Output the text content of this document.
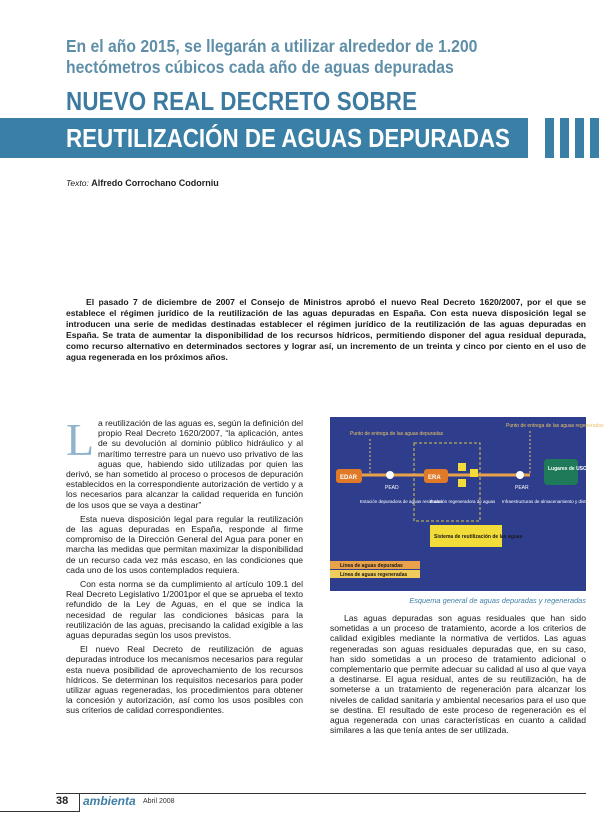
En el año 2015, se llegarán a utilizar alrededor de 1.200 hectómetros cúbicos cada año de aguas depuradas
NUEVO REAL DECRETO SOBRE
REUTILIZACIÓN DE AGUAS DEPURADAS
Texto: Alfredo Corrochano Codorniu
El pasado 7 de diciembre de 2007 el Consejo de Ministros aprobó el nuevo Real Decreto 1620/2007, por el que se establece el régimen jurídico de la reutilización de las aguas depuradas en España. Con esta nueva disposición legal se introducen una serie de medidas destinadas establecer el régimen jurídico de la reutilización de las aguas depuradas en España. Se trata de aumentar la disponibilidad de los recursos hídricos, permitiendo disponer del agua residual depurada, como recurso alternativo en determinados sectores y lograr así, un incremento de un treinta y cinco por ciento en el uso de agua regenerada en los próximos años.

La reutilización de las aguas es, según la definición del propio Real Decreto 1620/2007, “la aplicación, antes de su devolución al dominio público hidráulico y al marítimo terrestre para un nuevo uso privativo de las aguas que, habiendo sido utilizadas por quien las derivó, se han sometido al proceso o procesos de depuración establecidos en la correspondiente autorización de vertido y a los necesarios para alcanzar la calidad requerida en función de los usos que se vaya a destinar”

Esta nueva disposición legal para regular la reutilización de las aguas depuradas en España, responde al firme compromiso de la Dirección General del Agua para poner en marcha las medidas que permitan maximizar la disponibilidad de un recurso cada vez más escaso, en las condiciones que cada uno de los usos contemplados requiera.

Con esta norma se da cumplimiento al artículo 109.1 del Real Decreto Legislativo 1/2001por el que se aprueba el texto refundido de la Ley de Aguas, en el que se indica la necesidad de regular las condiciones básicas para la reutilización de las aguas, precisando la calidad exigible a las aguas depuradas según los usos previstos.

El nuevo Real Decreto de reutilización de aguas depuradas introduce los mecanismos necesarios para regular esta nueva posibilidad de aprovechamiento de los recursos hídricos. Se determinan los requisitos necesarios para poder utilizar aguas regeneradas, los procedimientos para obtener la concesión y autorización, así como los usos posibles con sus criterios de calidad correspondientes.

Punto de entrega de las aguas depuradas
Punto de entrega de las aguas regeneradas
EDAR	ERA
PEAD	PEAR
Lugares de USO
Estación depuradora de aguas residuales
Estación regeneradora de aguas Infraestructuras de almacenamiento y distribución
Sistema de reutilización de las aguas
Línea de aguas depuradas
Línea de aguas regeneradas
Esquema general de aguas depuradas y regeneradas
Las aguas depuradas son aguas residuales que han sido sometidas a un proceso de tratamiento, acorde a los criterios de calidad exigibles mediante la normativa de vertidos. Las aguas regeneradas son aguas residuales depuradas que, en su caso, han sido sometidas a un proceso de tratamiento adicional o complementario que permite adecuar su calidad al uso al que vaya a destinarse. El agua residual, antes de su reutilización, ha de someterse a un tratamiento de regeneración para alcanzar los niveles de calidad sanitaria y ambiental necesarios para el uso que se destina. El resultado de este proceso de regeneración es el agua regenerada con unas características en cuanto a calidad similares a las que tenía antes de ser utilizada.
38 ambienta Abril 2008
